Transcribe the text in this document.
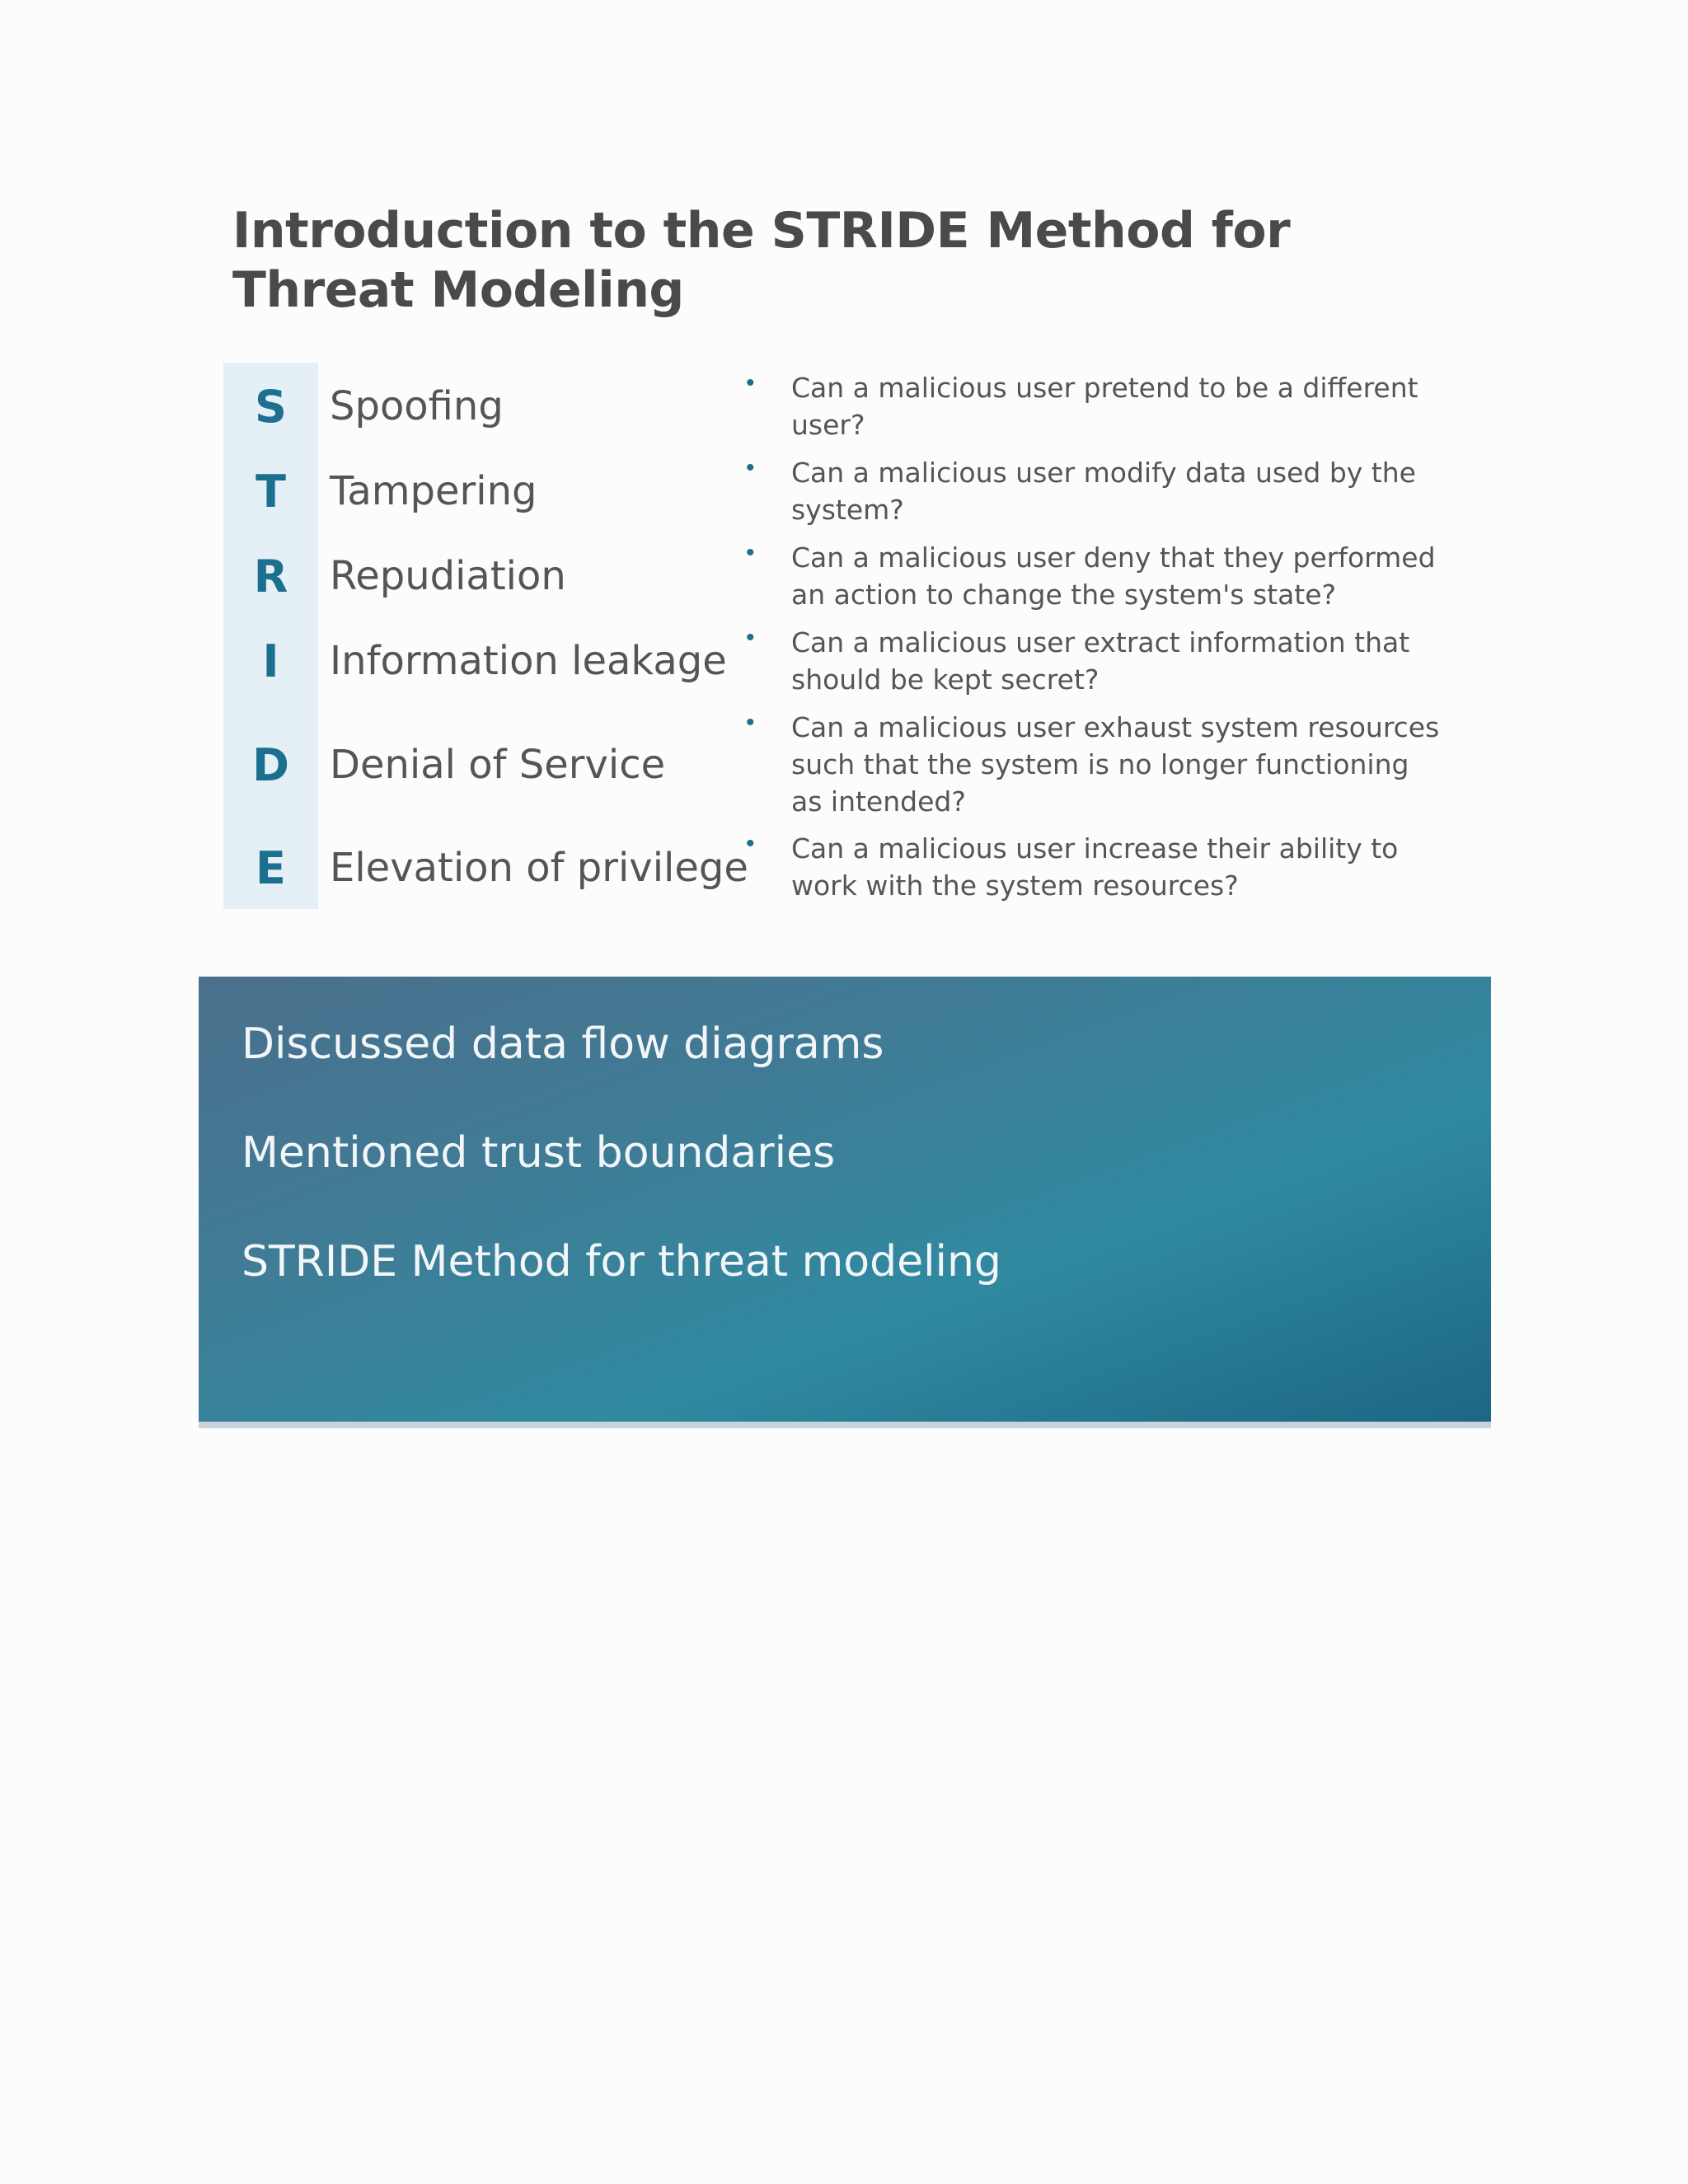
Introduction to the STRIDE Method for Threat Modeling
S	Spoofing
• Can a malicious user pretend to be a different user?
T	Tampering
• Can a malicious user modify data used by the system?
R	Repudiation
• Can a malicious user deny that they performed an action to change the system's state?
I	Information leakage
• Can a malicious user extract information that should be kept secret?
D	Denial of Service
• Can a malicious user exhaust system resources such that the system is no longer functioning as intended?
E	Elevation of privilege
• Can a malicious user increase their ability to work with the system resources?
Discussed data flow diagrams
Mentioned trust boundaries
STRIDE Method for threat modeling
